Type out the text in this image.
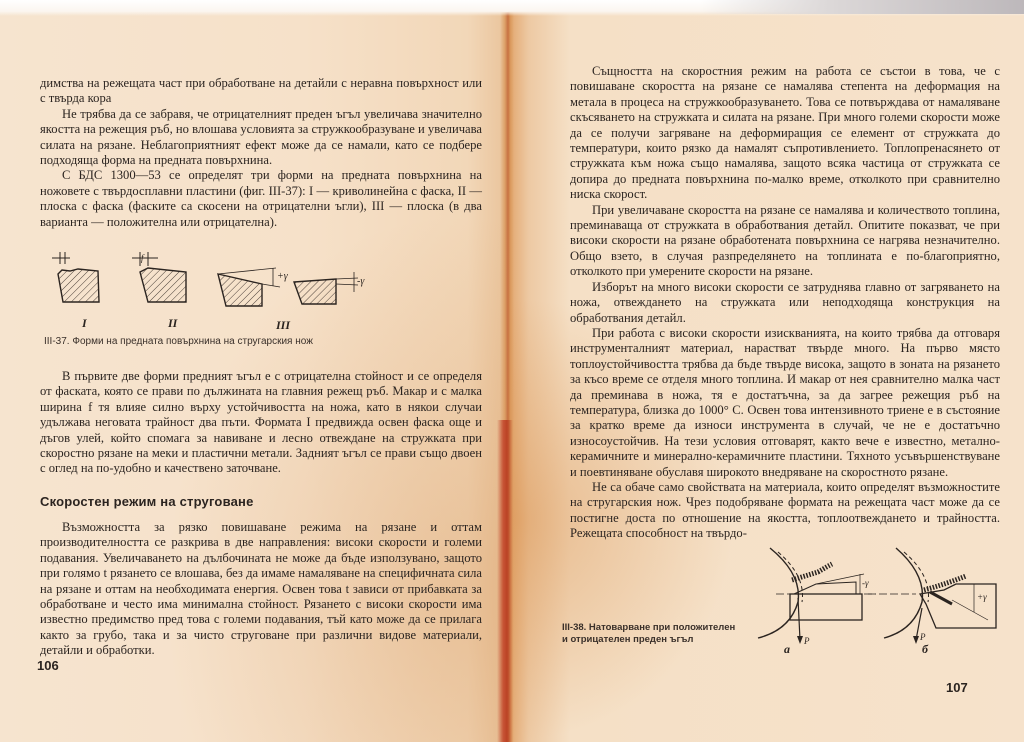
димства на режещата част при обработване на детайли с неравна повърхност или с твърда кора

Не трябва да се забравя, че отрицателният преден ъгъл увеличава значително якостта на режещия ръб, но влошава условията за стружкообразуване и увеличава силата на рязане. Неблагоприятният ефект може да се намали, като се подбере подходяща форма на предната повърхнина.

С БДС 1300—53 се определят три форми на предната повърхнина на ножовете с твърдосплавни пластини (фиг. III-37): I — криволинейна с фаска, II — плоска с фаска (фаските са скосени на отрицателни ъгли), III — плоска (в два варианта — положителна или отрицателна).

f
+γ	-γ
I	II	III
III-37. Форми на предната повърхнина на стругарския нож

В първите две форми предният ъгъл е с отрицателна стойност и се определя от фаската, която се прави по дължината на главния режещ ръб. Макар и с малка ширина f тя влияе силно върху устойчивостта на ножа, като в някои случаи удължава неговата трайност два пъти. Формата I предвижда освен фаска още и дъгов улей, който спомага за навиване и лесно отвеждане на стружката при скоростно рязане на меки и пластични метали. Задният ъгъл се прави също двоен с оглед на по-удобно и качествено заточване.

Скоростен режим на струговане

Възможността за рязко повишаване режима на рязане и оттам производителността се разкрива в две направления: високи скорости и големи подавания. Увеличаването на дълбочината не може да бъде използувано, защото при голямо t рязането се влошава, без да имаме намаляване на специфичната сила на рязане и оттам на необходимата енергия. Освен това t зависи от прибавката за обработване и често има минимална стойност. Рязането с високи скорости има известно предимство пред това с големи подавания, тъй като може да се прилага както за грубо, така и за чисто струговане при различни видове материали, детайли и обработки.

106

Същността на скоростния режим на работа се състои в това, че с повишаване скоростта на рязане се намалява степента на деформация на метала в процеса на стружкообразуването. Това се потвърждава от намаляване скъсяването на стружката и силата на рязане. При много големи скорости може да се получи загряване на деформиращия се елемент от стружката до температури, които рязко да намалят съпротивлението. Топлопренасянето от стружката към ножа също намалява, защото всяка частица от стружката се допира до предната повърхнина по-малко време, отколкото при сравнително ниска скорост.

При увеличаване скоростта на рязане се намалява и количеството топлина, преминаваща от стружката в обработвания детайл. Опитите показват, че при високи скорости на рязане обработената повърхнина се нагрява незначително. Общо взето, в случая разпределянето на топлината е по-благоприятно, отколкото при умерените скорости на рязане.

Изборът на много високи скорости се затруднява главно от загряването на ножа, отвеждането на стружката или неподходяща конструкция на обработвания детайл.

При работа с високи скорости изискванията, на които трябва да отговаря инструменталният материал, нарастват твърде много. На първо място топлоустойчивостта трябва да бъде твърде висока, защото в зоната на рязането за късо време се отделя много топлина. И макар от нея сравнително малка част да преминава в ножа, тя е достатъчна, за да загрее режещия ръб на температура, близка до 1000° С. Освен това интензивното триене е в състояние за кратко време да износи инструмента в случай, че не е достатъчно износоустойчив. На тези условия отговарят, както вече е известно, метално-керамичните и минерално-керамичните пластини. Тяхното усъвършенствуване и поевтиняване обуславя широкото внедряване на скоростното рязане.

Не са обаче само свойствата на материала, които определят възможностите на стругарския нож. Чрез подобряване формата на режещата част може да се постигне доста по отношение на якостта, топлоотвеждането и трайността. Режещата способност на твърдо-

III-38. Натоварване при положителен
и отрицателен преден ъгъл
-γ
P
+γ
P
а	б
107
